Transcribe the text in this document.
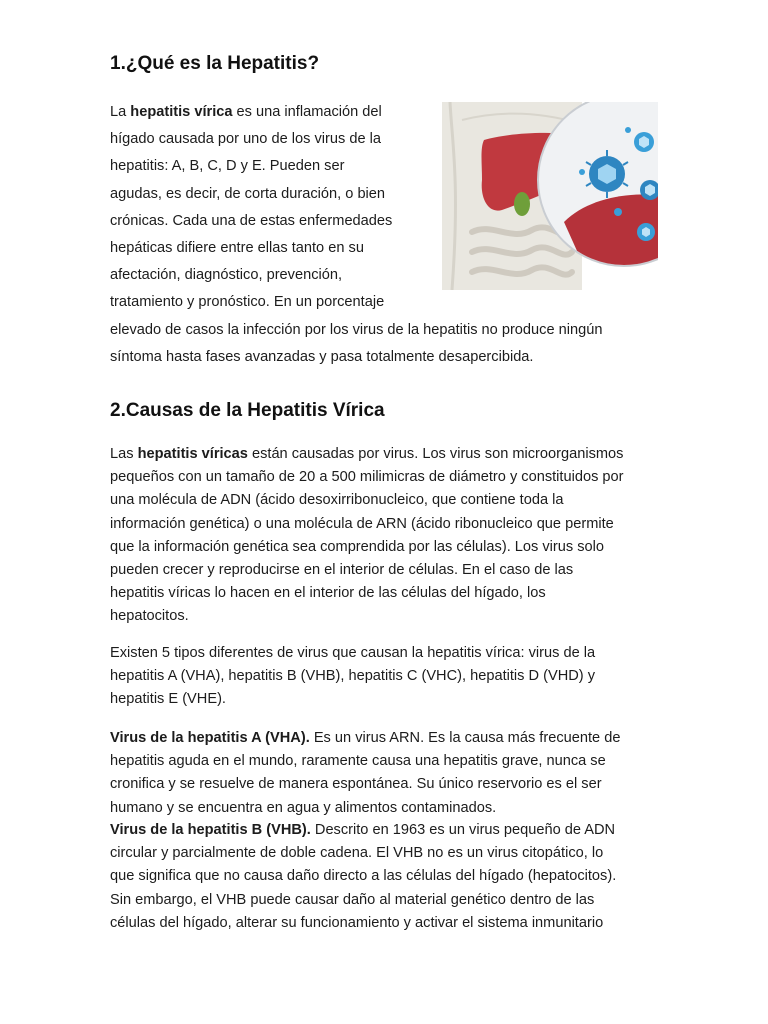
1.¿Qué es la Hepatitis?
La hepatitis vírica es una inflamación del
hígado causada por uno de los virus de la
hepatitis: A, B, C, D y E. Pueden ser
agudas, es decir, de corta duración, o bien
crónicas. Cada una de estas enfermedades
hepáticas difiere entre ellas tanto en su
afectación, diagnóstico, prevención,
tratamiento y pronóstico. En un porcentaje
elevado de casos la infección por los virus de la hepatitis no produce ningún
síntoma hasta fases avanzadas y pasa totalmente desapercibida.
2.Causas de la Hepatitis Vírica
Las hepatitis víricas están causadas por virus. Los virus son microorganismos
pequeños con un tamaño de 20 a 500 milimicras de diámetro y constituidos por
una molécula de ADN (ácido desoxirribonucleico, que contiene toda la
información genética) o una molécula de ARN (ácido ribonucleico que permite
que la información genética sea comprendida por las células). Los virus solo
pueden crecer y reproducirse en el interior de células. En el caso de las
hepatitis víricas lo hacen en el interior de las células del hígado, los
hepatocitos.
Existen 5 tipos diferentes de virus que causan la hepatitis vírica: virus de la
hepatitis A (VHA), hepatitis B (VHB), hepatitis C (VHC), hepatitis D (VHD) y
hepatitis E (VHE).
Virus de la hepatitis A (VHA). Es un virus ARN. Es la causa más frecuente de
hepatitis aguda en el mundo, raramente causa una hepatitis grave, nunca se
cronifica y se resuelve de manera espontánea. Su único reservorio es el ser
humano y se encuentra en agua y alimentos contaminados.
Virus de la hepatitis B (VHB). Descrito en 1963 es un virus pequeño de ADN
circular y parcialmente de doble cadena. El VHB no es un virus citopático, lo
que significa que no causa daño directo a las células del hígado (hepatocitos).
Sin embargo, el VHB puede causar daño al material genético dentro de las
células del hígado, alterar su funcionamiento y activar el sistema inmunitario
